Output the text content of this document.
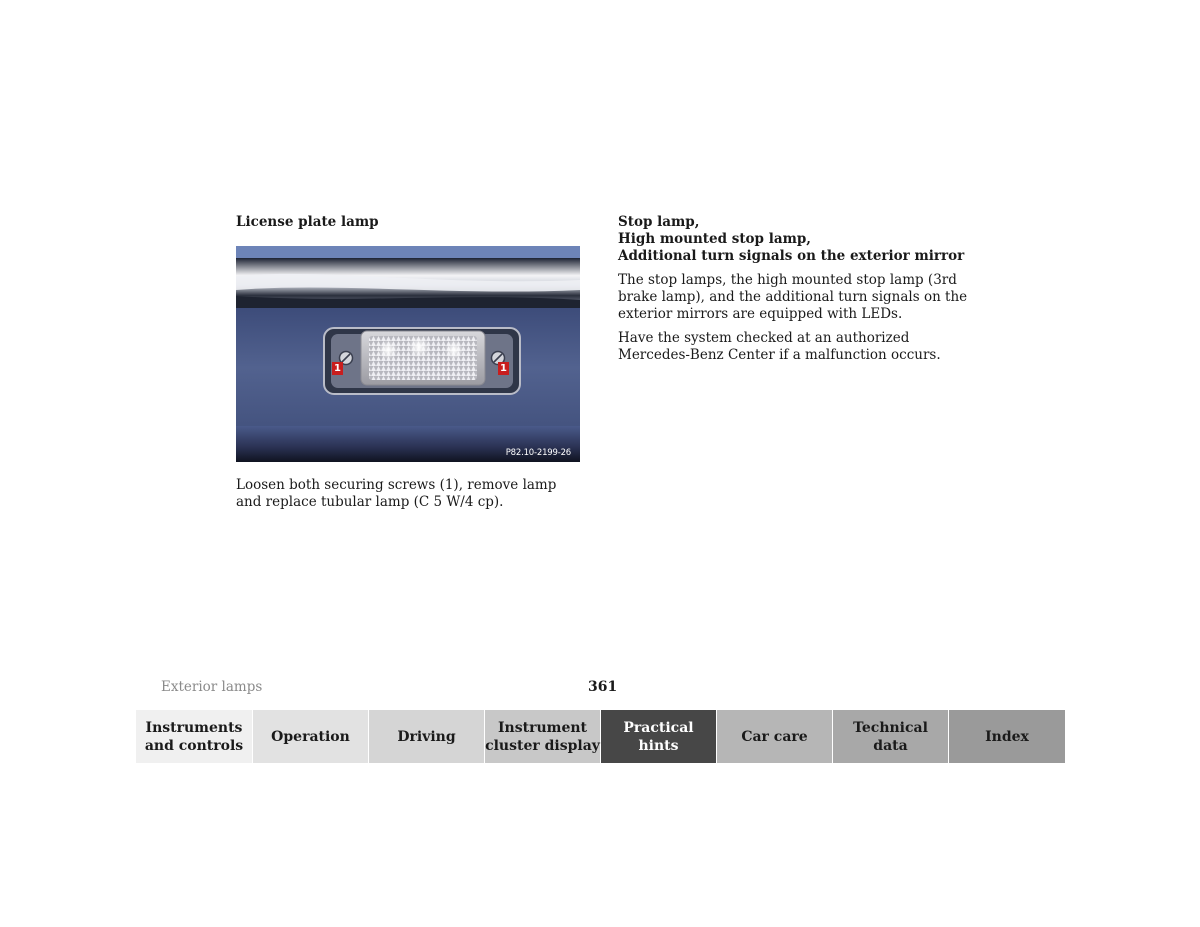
License plate lamp

1	1
P82.10-2199-26

Loosen both securing screws (1), remove lamp and replace tubular lamp (C 5 W/4 cp).

Stop lamp,

High mounted stop lamp,

Additional turn signals on the exterior mirror

The stop lamps, the high mounted stop lamp (3rd brake lamp), and the additional turn signals on the exterior mirrors are equipped with LEDs.

Have the system checked at an authorized Mercedes-Benz Center if a malfunction occurs.

Exterior lamps	361
Instruments
and controls
Operation	Driving
Instrument
cluster display
Practical hints
Car care
Technical
data
Index
